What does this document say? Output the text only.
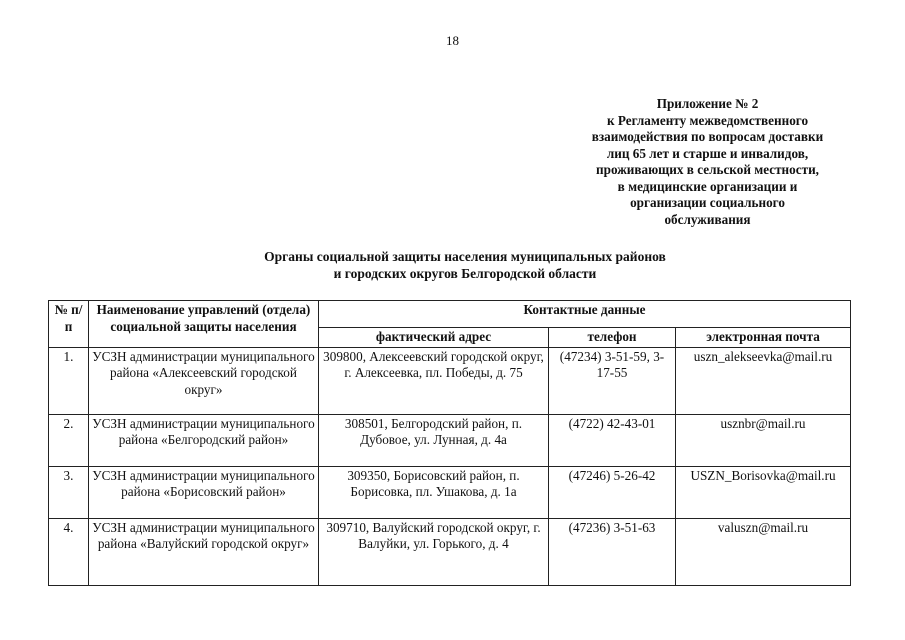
18
Приложение № 2
к Регламенту межведомственного
взаимодействия по вопросам доставки
лиц 65 лет и старше и инвалидов,
проживающих в сельской местности,
в медицинские организации и
организации социального
обслуживания
Органы социальной защиты населения муниципальных районов
и городских округов Белгородской области
№ п/п	Наименование управлений (отдела) социальной защиты населения	Контактные данные		
		фактический адрес	телефон	электронная почта
1.	УСЗН администрации муниципального района «Алексеевский городской округ»	309800, Алексеевский городской округ, г. Алексеевка, пл. Победы, д. 75	(47234) 3-51-59, 3-17-55	uszn_alekseevka@mail.ru
2.	УСЗН администрации муниципального района «Белгородский район»	308501, Белгородский район, п. Дубовое, ул. Лунная, д. 4а	(4722) 42-43-01	usznbr@mail.ru
3.	УСЗН администрации муниципального района «Борисовский район»	309350, Борисовский район, п. Борисовка, пл. Ушакова, д. 1а	(47246) 5-26-42	USZN_Borisovka@mail.ru
4.	УСЗН администрации муниципального района «Валуйский городской округ»	309710, Валуйский городской округ, г. Валуйки, ул. Горького, д. 4	(47236) 3-51-63	valuszn@mail.ru
